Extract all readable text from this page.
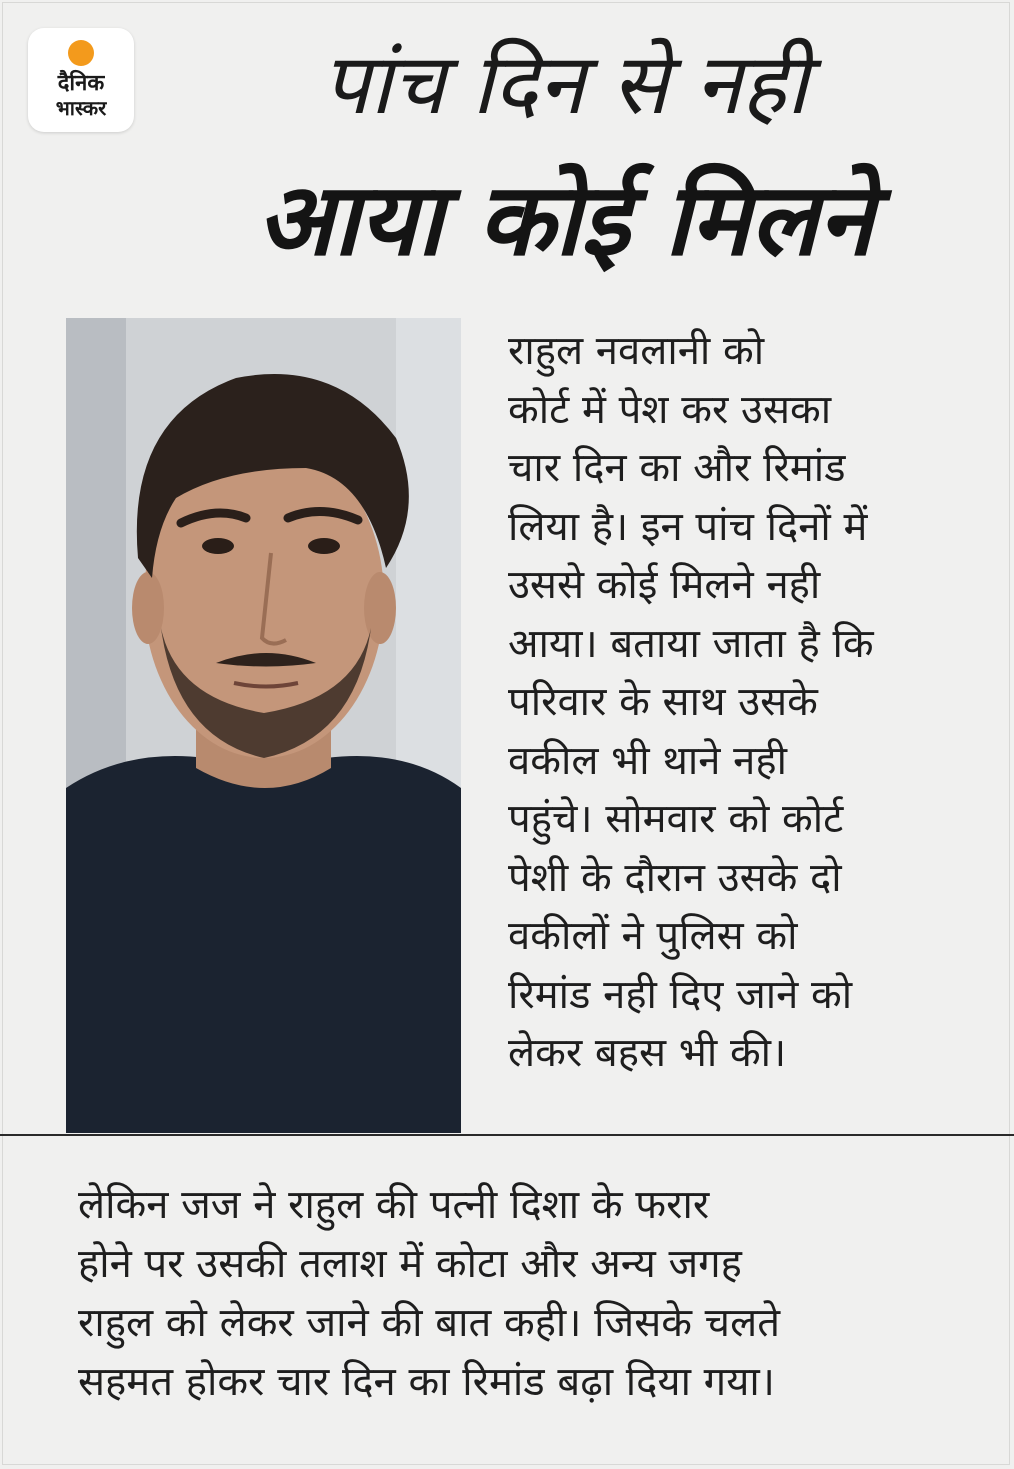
दैनिक
भास्कर	पांच दिन से नही
आया कोई मिलने
राहुल नवलानी को
कोर्ट में पेश कर उसका
चार दिन का और रिमांड
लिया है। इन पांच दिनों में
उससे कोई मिलने नही
आया। बताया जाता है कि
परिवार के साथ उसके
वकील भी थाने नही
पहुंचे। सोमवार को कोर्ट
पेशी के दौरान उसके दो
वकीलों ने पुलिस को
रिमांड नही दिए जाने को
लेकर बहस भी की।
लेकिन जज ने राहुल की पत्नी दिशा के फरार
होने पर उसकी तलाश में कोटा और अन्य जगह
राहुल को लेकर जाने की बात कही। जिसके चलते
सहमत होकर चार दिन का रिमांड बढ़ा दिया गया।
